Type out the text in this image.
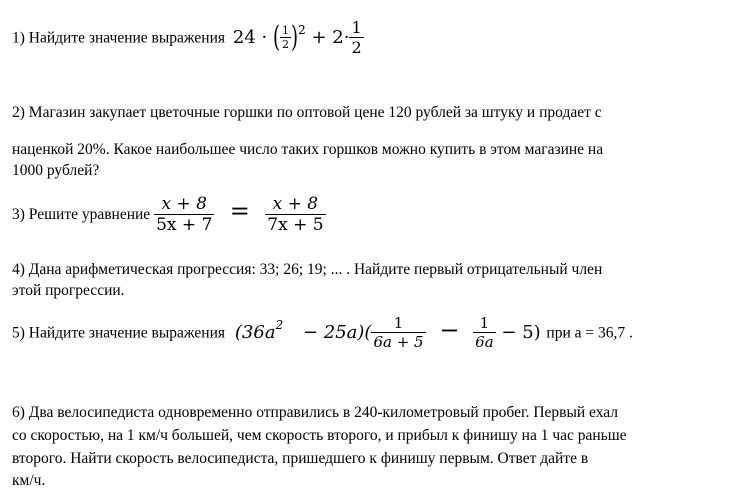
1) Найдите значение выражения 24 · ( $\frac{1}{2} )^2 + 2\cdot \frac{1}{2}$
2) Магазин закупает цветочные горшки по оптовой цене 120 рублей за штуку и продает с
наценкой 20%. Какое наибольшее число таких горшков можно купить в этом магазине на
1000 рублей?
3) Решите уравнение $\frac{x + 8}{5x + 7} = \frac{x + 8}{7x + 5}$
4) Дана арифметическая прогрессия: 33; 26; 19; ... . Найдите первый отрицательный член
этой прогрессии.
5) Найдите значение выражения $(36a^2 - 25a)( \frac{1}{6a + 5} - \frac{1}{6a} - 5)$ при a = 36,7 .
6) Два велосипедиста одновременно отправились в 240-километровый пробег. Первый ехал
со скоростью, на 1 км/ч большей, чем скорость второго, и прибыл к финишу на 1 час раньше
второго. Найти скорость велосипедиста, пришедшего к финишу первым. Ответ дайте в
км/ч.
